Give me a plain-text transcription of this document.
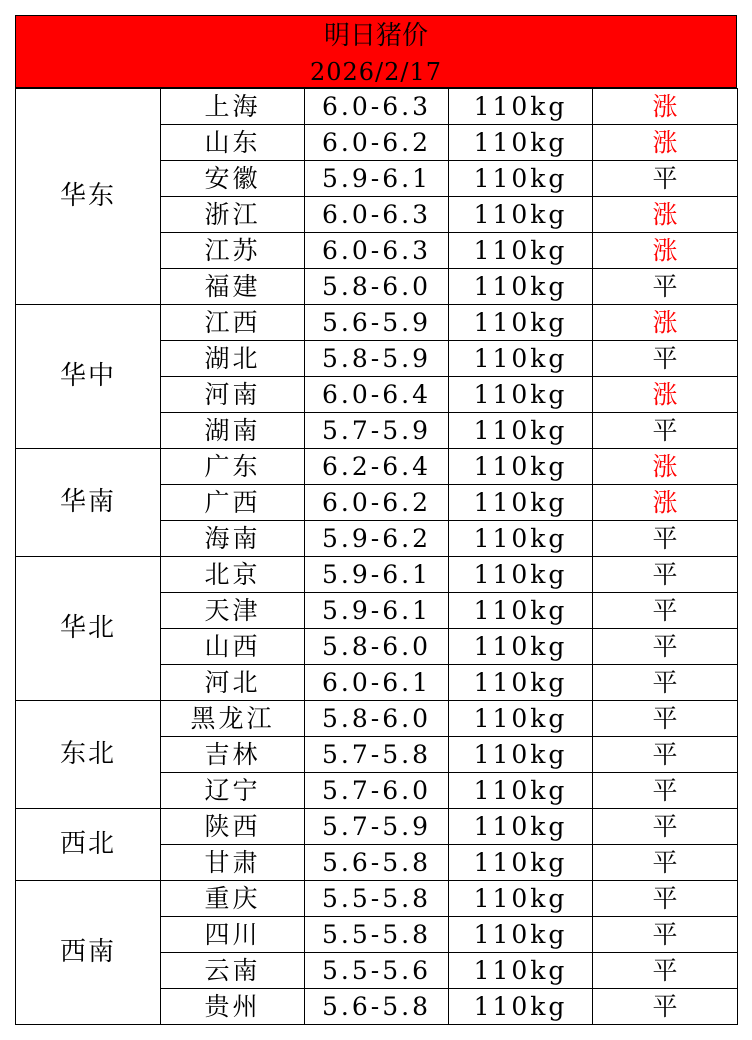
明日猪价
2026/2/17
华东	上海	6.0-6.3	110kg	涨
	山东	6.0-6.2	110kg	涨
	安徽	5.9-6.1	110kg	平
	浙江	6.0-6.3	110kg	涨
	江苏	6.0-6.3	110kg	涨
	福建	5.8-6.0	110kg	平
华中	江西	5.6-5.9	110kg	涨
	湖北	5.8-5.9	110kg	平
	河南	6.0-6.4	110kg	涨
	湖南	5.7-5.9	110kg	平
华南	广东	6.2-6.4	110kg	涨
	广西	6.0-6.2	110kg	涨
	海南	5.9-6.2	110kg	平
华北	北京	5.9-6.1	110kg	平
	天津	5.9-6.1	110kg	平
	山西	5.8-6.0	110kg	平
	河北	6.0-6.1	110kg	平
东北	黑龙江	5.8-6.0	110kg	平
	吉林	5.7-5.8	110kg	平
	辽宁	5.7-6.0	110kg	平
西北	陕西	5.7-5.9	110kg	平
	甘肃	5.6-5.8	110kg	平
西南	重庆	5.5-5.8	110kg	平
	四川	5.5-5.8	110kg	平
	云南	5.5-5.6	110kg	平
	贵州	5.6-5.8	110kg	平
